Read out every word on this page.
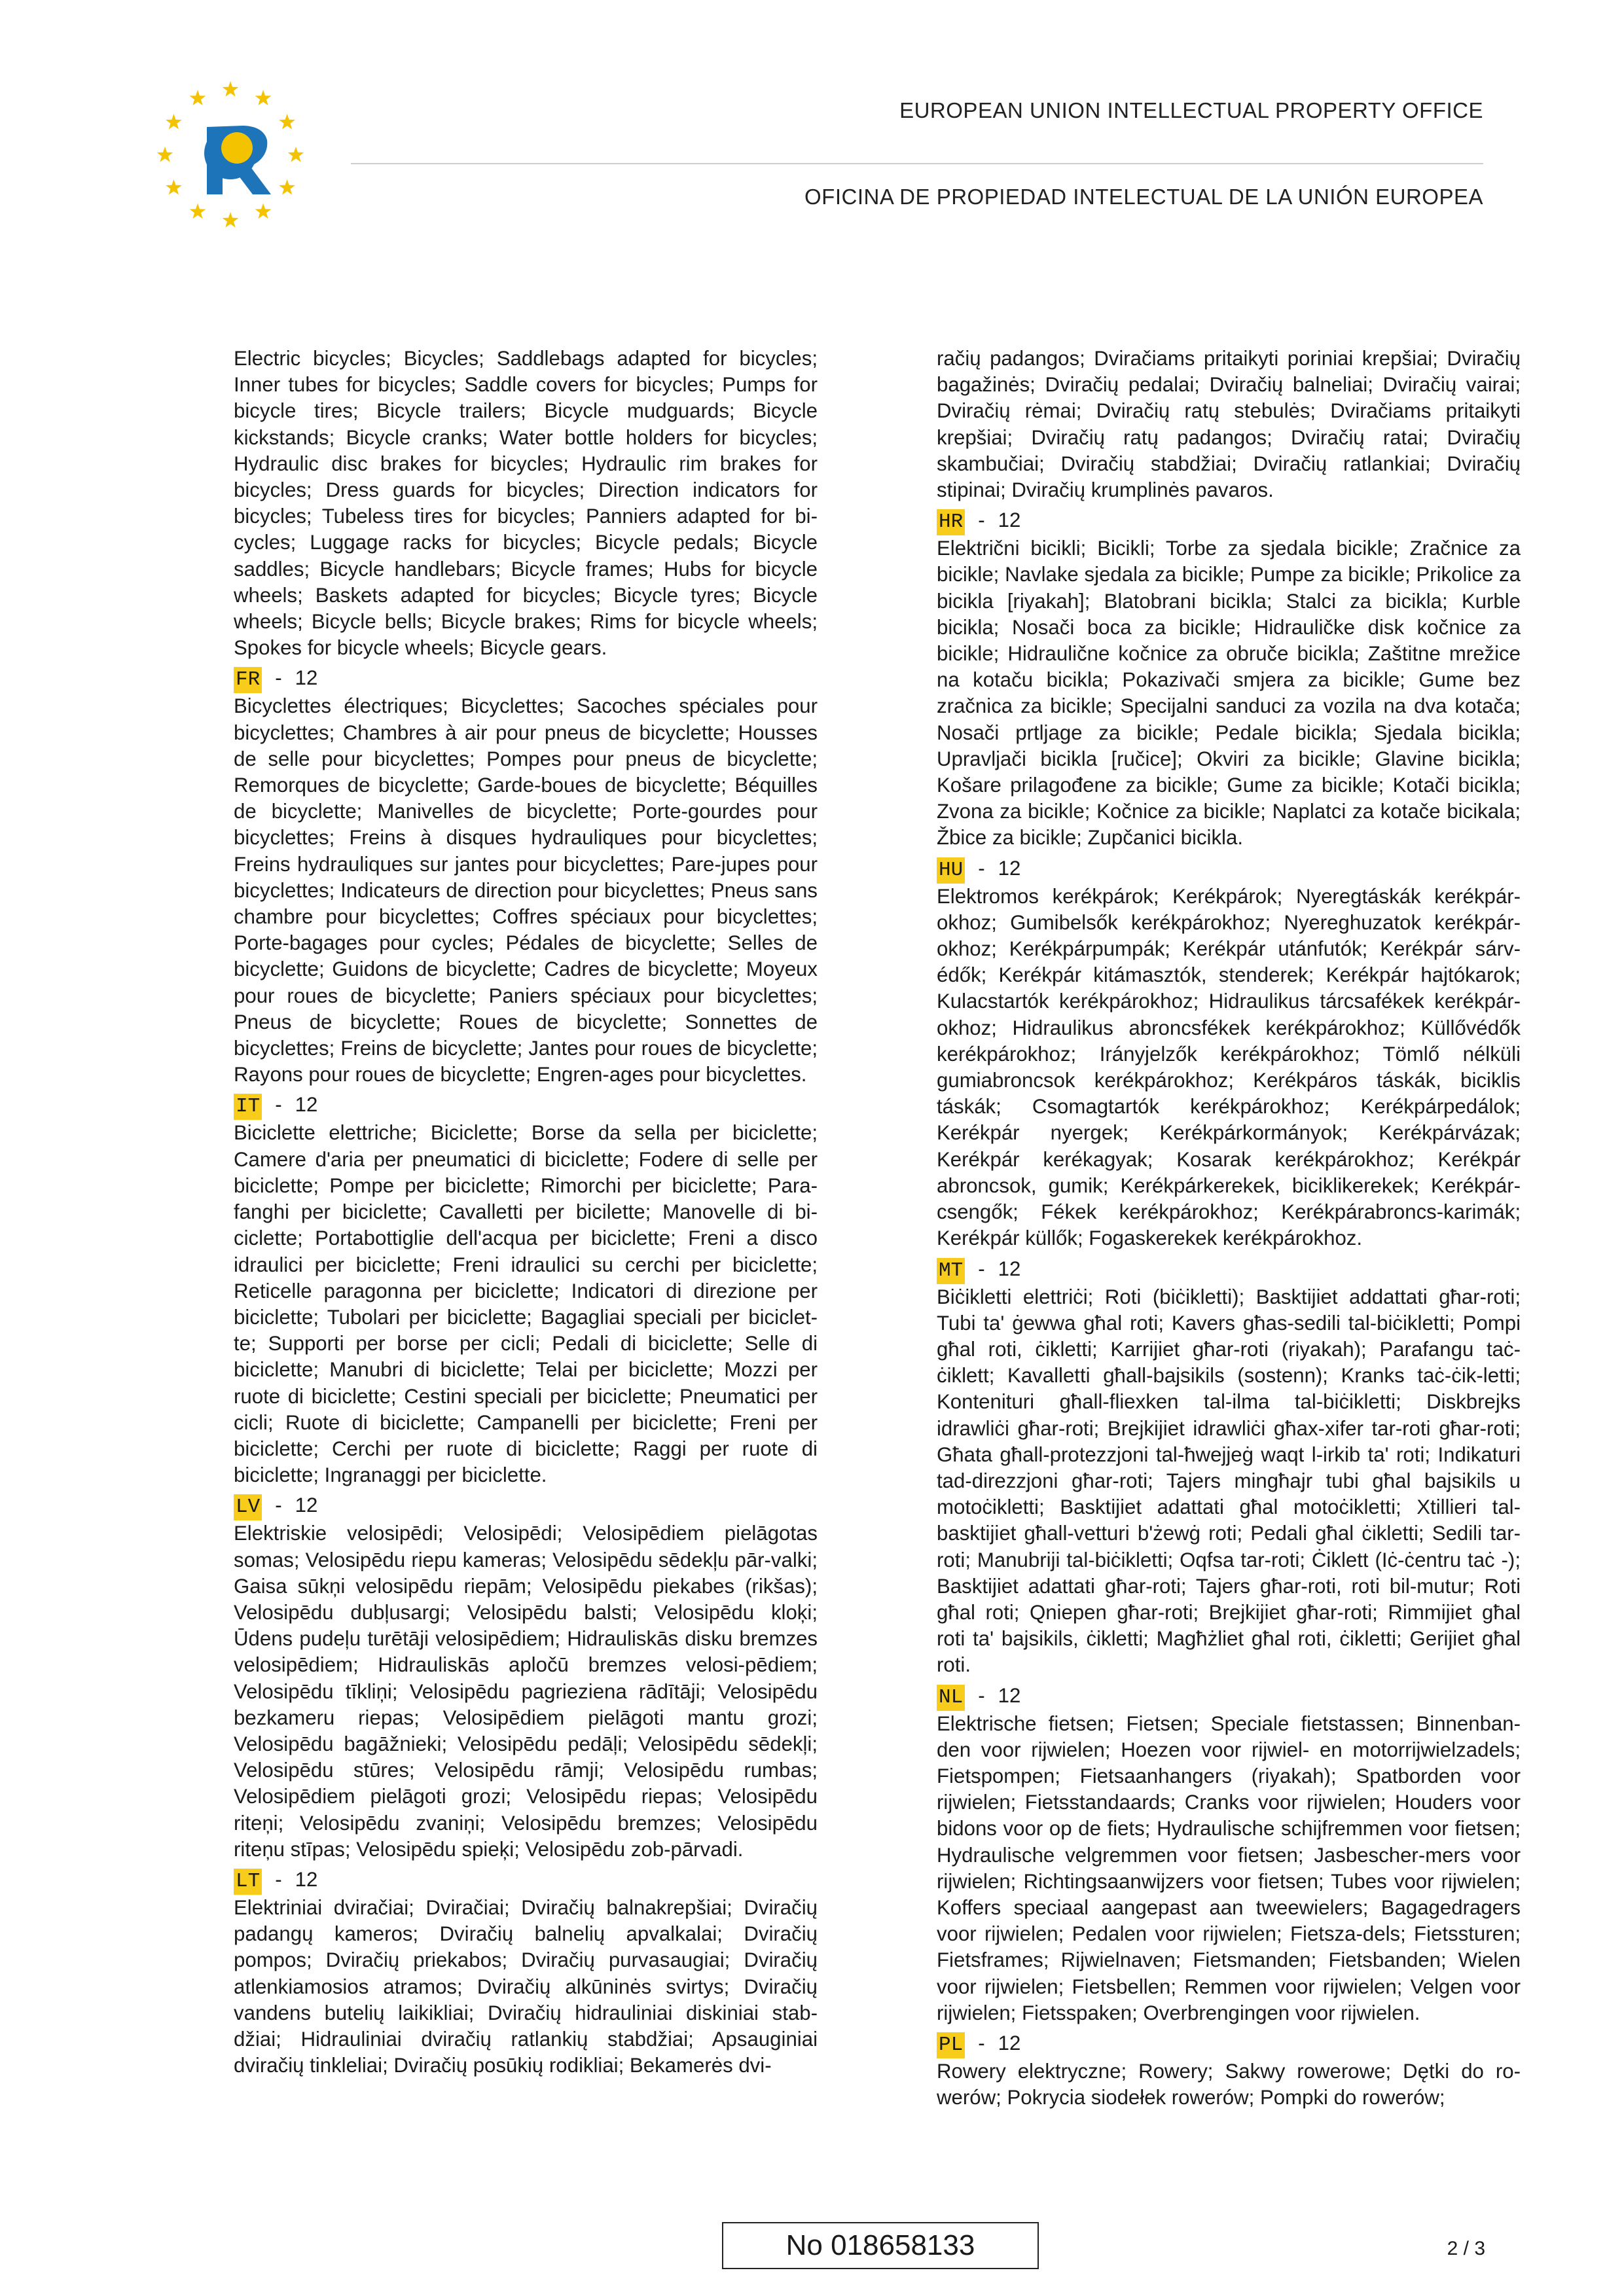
EUROPEAN UNION INTELLECTUAL PROPERTY OFFICE
OFICINA DE PROPIEDAD INTELECTUAL DE LA UNIÓN EUROPEA

Electric bicycles; Bicycles; Saddlebags adapted for bicycles; Inner tubes for bicycles; Saddle covers for bicycles; Pumps for bicycle tires; Bicycle trailers; Bicycle mudguards; Bicycle kickstands; Bicycle cranks; Water bottle holders for bicycles; Hydraulic disc brakes for bicycles; Hydraulic rim brakes for bicycles; Dress guards for bicycles; Direction indicators for bicycles; Tubeless tires for bicycles; Panniers adapted for bi-cycles; Luggage racks for bicycles; Bicycle pedals; Bicycle saddles; Bicycle handlebars; Bicycle frames; Hubs for bicycle wheels; Baskets adapted for bicycles; Bicycle tyres; Bicycle wheels; Bicycle bells; Bicycle brakes; Rims for bicycle wheels; Spokes for bicycle wheels; Bicycle gears.

FR - 12

Bicyclettes électriques; Bicyclettes; Sacoches spéciales pour bicyclettes; Chambres à air pour pneus de bicyclette; Housses de selle pour bicyclettes; Pompes pour pneus de bicyclette; Remorques de bicyclette; Garde-boues de bicyclette; Béquilles de bicyclette; Manivelles de bicyclette; Porte-gourdes pour bicyclettes; Freins à disques hydrauliques pour bicyclettes; Freins hydrauliques sur jantes pour bicyclettes; Pare-jupes pour bicyclettes; Indicateurs de direction pour bicyclettes; Pneus sans chambre pour bicyclettes; Coffres spéciaux pour bicyclettes; Porte-bagages pour cycles; Pédales de bicyclette; Selles de bicyclette; Guidons de bicyclette; Cadres de bicyclette; Moyeux pour roues de bicyclette; Paniers spéciaux pour bicyclettes; Pneus de bicyclette; Roues de bicyclette; Sonnettes de bicyclettes; Freins de bicyclette; Jantes pour roues de bicyclette; Rayons pour roues de bicyclette; Engren-ages pour bicyclettes.

IT - 12

Biciclette elettriche; Biciclette; Borse da sella per biciclette; Camere d'aria per pneumatici di biciclette; Fodere di selle per biciclette; Pompe per biciclette; Rimorchi per biciclette; Para-fanghi per biciclette; Cavalletti per bicilette; Manovelle di bi-ciclette; Portabottiglie dell'acqua per biciclette; Freni a disco idraulici per biciclette; Freni idraulici su cerchi per biciclette; Reticelle paragonna per biciclette; Indicatori di direzione per biciclette; Tubolari per biciclette; Bagagliai speciali per biciclet-te; Supporti per borse per cicli; Pedali di biciclette; Selle di biciclette; Manubri di biciclette; Telai per biciclette; Mozzi per ruote di biciclette; Cestini speciali per biciclette; Pneumatici per cicli; Ruote di biciclette; Campanelli per biciclette; Freni per biciclette; Cerchi per ruote di biciclette; Raggi per ruote di biciclette; Ingranaggi per biciclette.

LV - 12

Elektriskie velosipēdi; Velosipēdi; Velosipēdiem pielāgotas somas; Velosipēdu riepu kameras; Velosipēdu sēdekļu pār-valki; Gaisa sūkņi velosipēdu riepām; Velosipēdu piekabes (rikšas); Velosipēdu dubļusargi; Velosipēdu balsti; Velosipēdu kloķi; Ūdens pudeļu turētāji velosipēdiem; Hidrauliskās disku bremzes velosipēdiem; Hidrauliskās apločū bremzes velosi-pēdiem; Velosipēdu tīkliņi; Velosipēdu pagrieziena rādītāji; Velosipēdu bezkameru riepas; Velosipēdiem pielāgoti mantu grozi; Velosipēdu bagāžnieki; Velosipēdu pedāļi; Velosipēdu sēdekļi; Velosipēdu stūres; Velosipēdu rāmji; Velosipēdu rumbas; Velosipēdiem pielāgoti grozi; Velosipēdu riepas; Velosipēdu riteņi; Velosipēdu zvaniņi; Velosipēdu bremzes; Velosipēdu riteņu stīpas; Velosipēdu spieķi; Velosipēdu zob-pārvadi.

LT - 12

Elektriniai dviračiai; Dviračiai; Dviračių balnakrepšiai; Dviračių padangų kameros; Dviračių balnelių apvalkalai; Dviračių pompos; Dviračių priekabos; Dviračių purvasaugiai; Dviračių atlenkiamosios atramos; Dviračių alkūninės svirtys; Dviračių vandens butelių laikikliai; Dviračių hidrauliniai diskiniai stab-džiai; Hidrauliniai dviračių ratlankių stabdžiai; Apsauginiai dviračių tinkleliai; Dviračių posūkių rodikliai; Bekamerės dvi-

račių padangos; Dviračiams pritaikyti poriniai krepšiai; Dviračių bagažinės; Dviračių pedalai; Dviračių balneliai; Dviračių vairai; Dviračių rėmai; Dviračių ratų stebulės; Dviračiams pritaikyti krepšiai; Dviračių ratų padangos; Dviračių ratai; Dviračių skambučiai; Dviračių stabdžiai; Dviračių ratlankiai; Dviračių stipinai; Dviračių krumplinės pavaros.

HR - 12

Električni bicikli; Bicikli; Torbe za sjedala bicikle; Zračnice za bicikle; Navlake sjedala za bicikle; Pumpe za bicikle; Prikolice za bicikla [riyakah]; Blatobrani bicikla; Stalci za bicikla; Kurble bicikla; Nosači boca za bicikle; Hidrauličke disk kočnice za bicikle; Hidraulične kočnice za obruče bicikla; Zaštitne mrežice na kotaču bicikla; Pokazivači smjera za bicikle; Gume bez zračnica za bicikle; Specijalni sanduci za vozila na dva kotača; Nosači prtljage za bicikle; Pedale bicikla; Sjedala bicikla; Upravljači bicikla [ručice]; Okviri za bicikle; Glavine bicikla; Košare prilagođene za bicikle; Gume za bicikle; Kotači bicikla; Zvona za bicikle; Kočnice za bicikle; Naplatci za kotače bicikala; Žbice za bicikle; Zupčanici bicikla.

HU - 12

Elektromos kerékpárok; Kerékpárok; Nyeregtáskák kerékpár-okhoz; Gumibelsők kerékpárokhoz; Nyereghuzatok kerékpár-okhoz; Kerékpárpumpák; Kerékpár utánfutók; Kerékpár sárv-édők; Kerékpár kitámasztók, stenderek; Kerékpár hajtókarok; Kulacstartók kerékpárokhoz; Hidraulikus tárcsafékek kerékpár-okhoz; Hidraulikus abroncsfékek kerékpárokhoz; Küllővédők kerékpárokhoz; Irányjelzők kerékpárokhoz; Tömlő nélküli gumiabroncsok kerékpárokhoz; Kerékpáros táskák, biciklis táskák; Csomagtartók kerékpárokhoz; Kerékpárpedálok; Kerékpár nyergek; Kerékpárkormányok; Kerékpárvázak; Kerékpár kerékagyak; Kosarak kerékpárokhoz; Kerékpár abroncsok, gumik; Kerékpárkerekek, biciklikerekek; Kerékpár-csengők; Fékek kerékpárokhoz; Kerékpárabroncs-karimák; Kerékpár küllők; Fogaskerekek kerékpárokhoz.

MT - 12

Biċikletti elettriċi; Roti (biċikletti); Basktijiet addattati għar-roti; Tubi ta' ġewwa għal roti; Kavers għas-sedili tal-biċikletti; Pompi għal roti, ċikletti; Karrijiet għar-roti (riyakah); Parafangu taċ-ċiklett; Kavalletti għall-bajsikils (sostenn); Kranks taċ-ċik-letti; Kontenituri għall-fliexken tal-ilma tal-biċikletti; Diskbrejks idrawliċi għar-roti; Brejkijiet idrawliċi għax-xifer tar-roti għar-roti; Għata għall-protezzjoni tal-ħwejjeġ waqt l-irkib ta' roti; Indikaturi tad-direzzjoni għar-roti; Tajers mingħajr tubi għal bajsikils u motoċikletti; Basktijiet adattati għal motoċikletti; Xtillieri tal-basktijiet għall-vetturi b'żewġ roti; Pedali għal ċikletti; Sedili tar-roti; Manubriji tal-biċikletti; Oqfsa tar-roti; Ċiklett (Iċ-ċentru taċ -); Basktijiet adattati għar-roti; Tajers għar-roti, roti bil-mutur; Roti għal roti; Qniepen għar-roti; Brejkijiet għar-roti; Rimmijiet għal roti ta' bajsikils, ċikletti; Magħżliet għal roti, ċikletti; Gerijiet għal roti.

NL - 12

Elektrische fietsen; Fietsen; Speciale fietstassen; Binnenban-den voor rijwielen; Hoezen voor rijwiel- en motorrijwielzadels; Fietspompen; Fietsaanhangers (riyakah); Spatborden voor rijwielen; Fietsstandaards; Cranks voor rijwielen; Houders voor bidons voor op de fiets; Hydraulische schijfremmen voor fietsen; Hydraulische velgremmen voor fietsen; Jasbescher-mers voor rijwielen; Richtingsaanwijzers voor fietsen; Tubes voor rijwielen; Koffers speciaal aangepast aan tweewielers; Bagagedragers voor rijwielen; Pedalen voor rijwielen; Fietsza-dels; Fietssturen; Fietsframes; Rijwielnaven; Fietsmanden; Fietsbanden; Wielen voor rijwielen; Fietsbellen; Remmen voor rijwielen; Velgen voor rijwielen; Fietsspaken; Overbrengingen voor rijwielen.

PL - 12

Rowery elektryczne; Rowery; Sakwy rowerowe; Dętki do ro-werów; Pokrycia siodełek rowerów; Pompki do rowerów;

No 018658133	2 / 3
